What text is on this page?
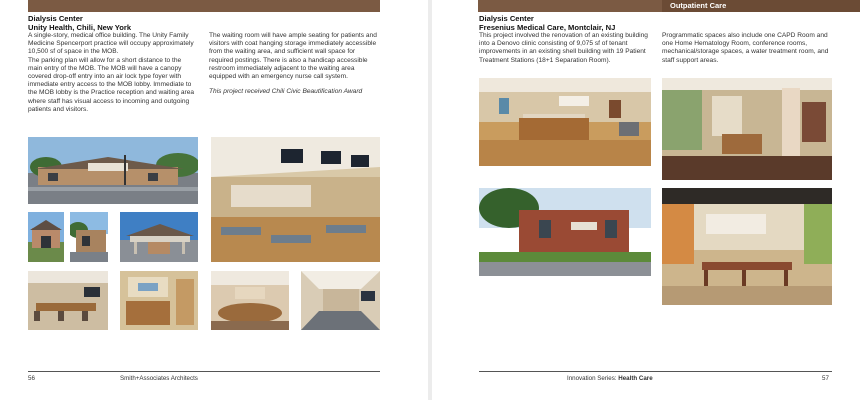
Outpatient Care
Dialysis Center
Unity Health, Chili, New York

A single-story, medical office building. The Unity Family Medicine Spencerport practice will occupy approximately 10,500 sf of space in the MOB.

The parking plan will allow for a short distance to the main entry of the MOB. The MOB will have a canopy covered drop-off entry into an air lock type foyer with immediate entry access to the MOB lobby. Immediate to the MOB lobby is the Practice reception and waiting area where staff has visual access to incoming and outgoing patients and visitors.

The waiting room will have ample seating for patients and visitors with coat hanging storage immediately accessible from the waiting area, and sufficient wall space for required postings. There is also a handicap accessible restroom immediately adjacent to the waiting area equipped with an emergency nurse call system.

This project received Chili Civic Beautification Award

56	Smith+Associates Architects
Dialysis Center
Fresenius Medical Care, Montclair, NJ

This project involved the renovation of an existing building into a Denovo clinic consisting of 9,075 sf of tenant improvements in an existing shell building with 19 Patient Treatment Stations (18+1 Separation Room).

Programmatic spaces also include one CAPD Room and one Home Hematology Room, conference rooms, mechanical/storage spaces, a water treatment room, and staff support areas.

Innovation Series: Health Care	57
